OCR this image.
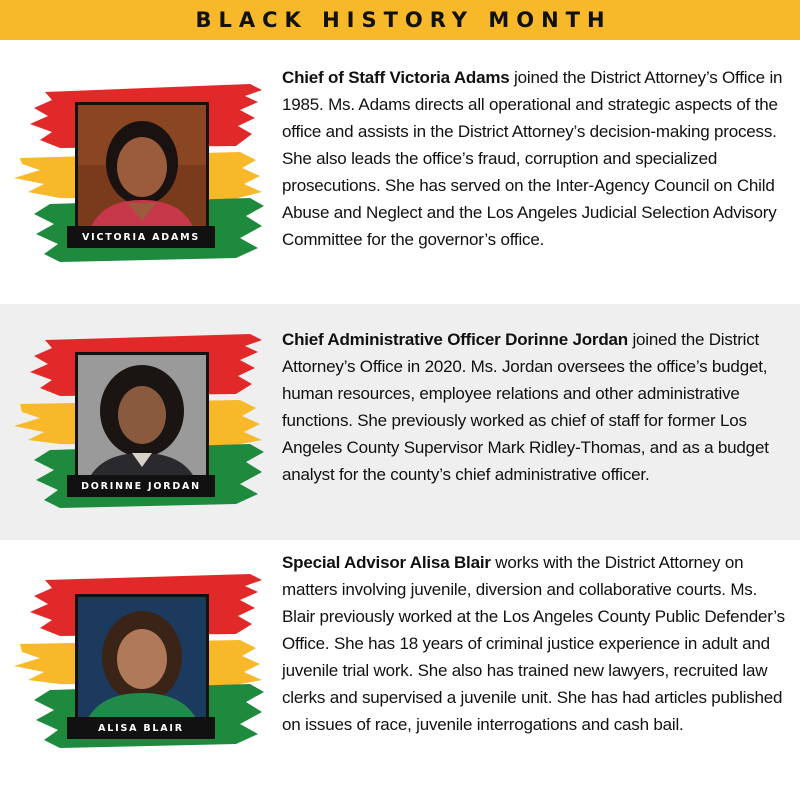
BLACK HISTORY MONTH
VICTORIA ADAMS
Chief of Staff Victoria Adams joined the District Attorney’s Office in 1985. Ms. Adams directs all operational and strategic aspects of the office and assists in the District Attorney’s decision-making process. She also leads the office’s fraud, corruption and specialized prosecutions. She has served on the Inter-Agency Council on Child Abuse and Neglect and the Los Angeles Judicial Selection Advisory Committee for the governor’s office.
DORINNE JORDAN
Chief Administrative Officer Dorinne Jordan joined the District Attorney’s Office in 2020. Ms. Jordan oversees the office’s budget, human resources, employee relations and other administrative functions. She previously worked as chief of staff for former Los Angeles County Supervisor Mark Ridley-Thomas, and as a budget analyst for the county’s chief administrative officer.
ALISA BLAIR
Special Advisor Alisa Blair works with the District Attorney on matters involving juvenile, diversion and collaborative courts. Ms. Blair previously worked at the Los Angeles County Public Defender’s Office. She has 18 years of criminal justice experience in adult and juvenile trial work. She also has trained new lawyers, recruited law clerks and supervised a juvenile unit. She has had articles published on issues of race, juvenile interrogations and cash bail.
